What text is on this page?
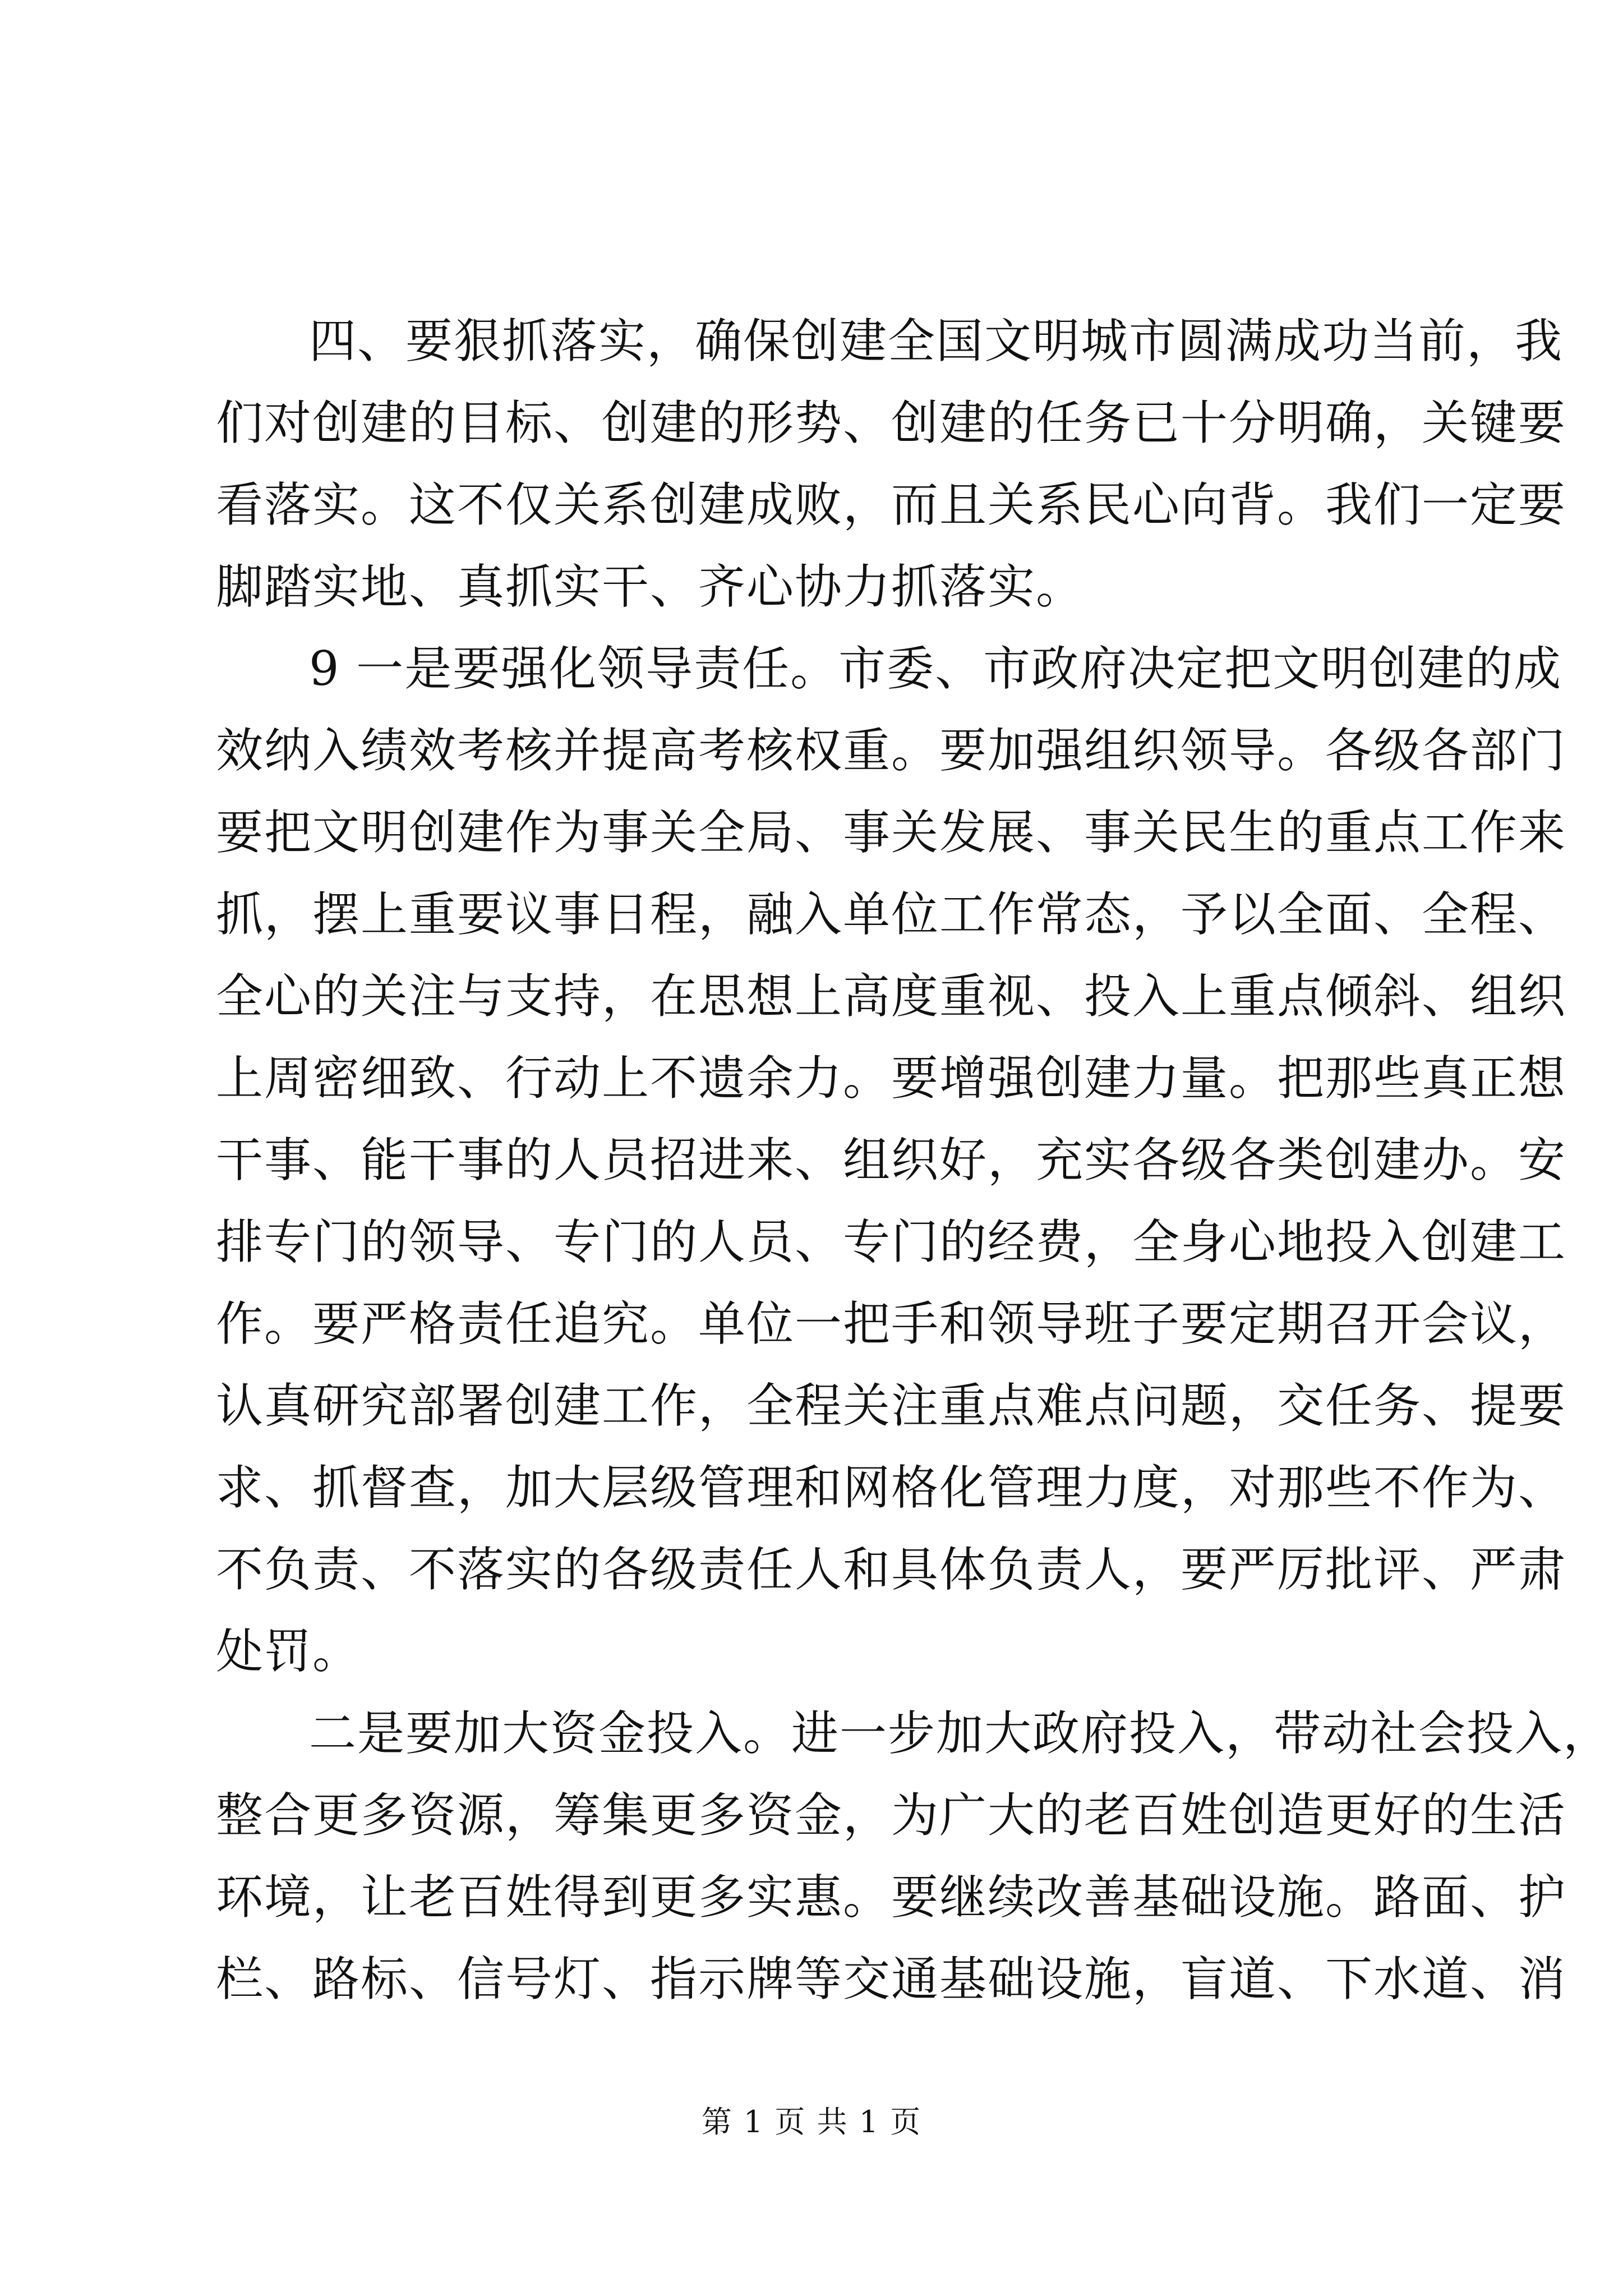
四、要狠抓落实，确保创建全国文明城市圆满成功当前，我
们对创建的目标、创建的形势、创建的任务已十分明确，关键要
看落实。这不仅关系创建成败，而且关系民心向背。我们一定要
脚踏实地、真抓实干、齐心协力抓落实。
9 一是要强化领导责任。市委、市政府决定把文明创建的成
效纳入绩效考核并提高考核权重。要加强组织领导。各级各部门
要把文明创建作为事关全局、事关发展、事关民生的重点工作来
抓，摆上重要议事日程，融入单位工作常态，予以全面、全程、
全心的关注与支持，在思想上高度重视、投入上重点倾斜、组织
上周密细致、行动上不遗余力。要增强创建力量。把那些真正想
干事、能干事的人员招进来、组织好，充实各级各类创建办。安
排专门的领导、专门的人员、专门的经费，全身心地投入创建工
作。要严格责任追究。单位一把手和领导班子要定期召开会议，
认真研究部署创建工作，全程关注重点难点问题，交任务、提要
求、抓督查，加大层级管理和网格化管理力度，对那些不作为、
不负责、不落实的各级责任人和具体负责人，要严厉批评、严肃
处罚。
二是要加大资金投入。进一步加大政府投入，带动社会投入，
整合更多资源，筹集更多资金，为广大的老百姓创造更好的生活
环境，让老百姓得到更多实惠。要继续改善基础设施。路面、护
栏、路标、信号灯、指示牌等交通基础设施，盲道、下水道、消
第 1 页 共 1 页
